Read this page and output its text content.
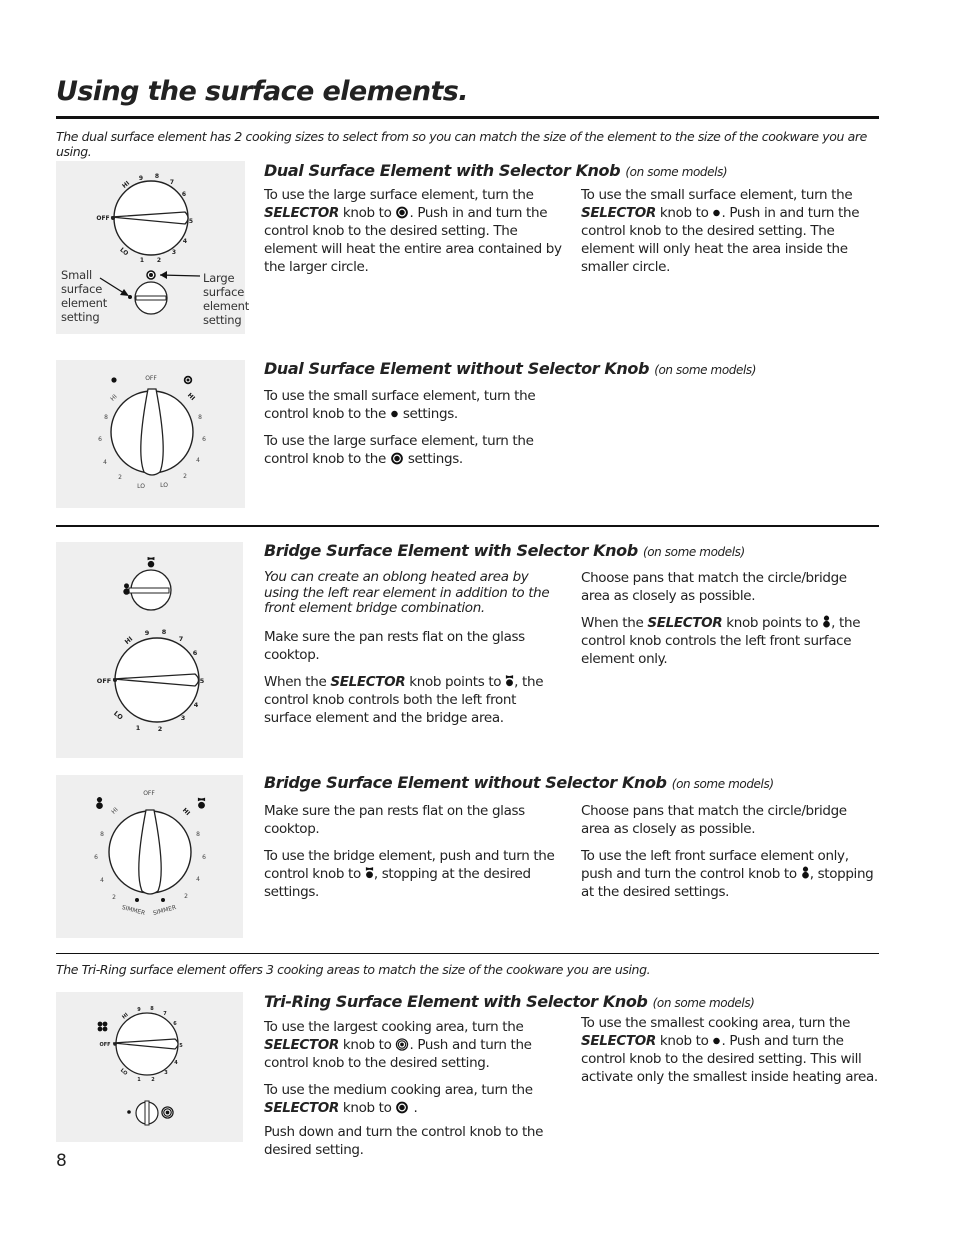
Using the surface elements.
The dual surface element has 2 cooking sizes to select from so you can match the size of the element to the size of the cookware you are using.
HI
9 8
7
6
5
4
3
2
1
LO
OFF
Small surface element setting
Large surface element setting
Dual Surface Element with Selector Knob (on some models)
To use the large surface element, turn the SELECTOR knob to . Push in and turn the control knob to the desired setting. The element will heat the entire area contained by the larger circle.
To use the small surface element, turn the SELECTOR knob to . Push in and turn the control knob to the desired setting. The element will only heat the area inside the smaller circle.
OFF
HI
8
6
4
2
LO	LO
2
4
6
8
HI
Dual Surface Element without Selector Knob (on some models)
To use the small surface element, turn the control knob to the settings.
To use the large surface element, turn the control knob to the settings.
HI
9 8
7
6
5
4
3
2
1
LO
OFF
Bridge Surface Element with Selector Knob (on some models)
You can create an oblong heated area by using the left rear element in addition to the front element bridge combination.
Make sure the pan rests flat on the glass cooktop.
When the SELECTOR knob points to , the control knob controls both the left front surface element and the bridge area.
Choose pans that match the circle/bridge area as closely as possible.
When the SELECTOR knob points to , the control knob controls the left front surface element only.
OFF
HI
8
6
4
2
SIMMER SIMMER
2
4
6
8
HI
Bridge Surface Element without Selector Knob (on some models)
Make sure the pan rests flat on the glass cooktop.
To use the bridge element, push and turn the control knob to , stopping at the desired settings.
Choose pans that match the circle/bridge area as closely as possible.
To use the left front surface element only, push and turn the control knob to , stopping at the desired settings.
The Tri-Ring surface element offers 3 cooking areas to match the size of the cookware you are using.
HI
9 8
7
6
5
4
3
2
1
LO
OFF
Tri-Ring Surface Element with Selector Knob (on some models)
To use the largest cooking area, turn the SELECTOR knob to . Push and turn the control knob to the desired setting.
To use the medium cooking area, turn the SELECTOR knob to .
Push down and turn the control knob to the desired setting.
To use the smallest cooking area, turn the SELECTOR knob to . Push and turn the control knob to the desired setting. This will activate only the smallest inside heating area.
8
